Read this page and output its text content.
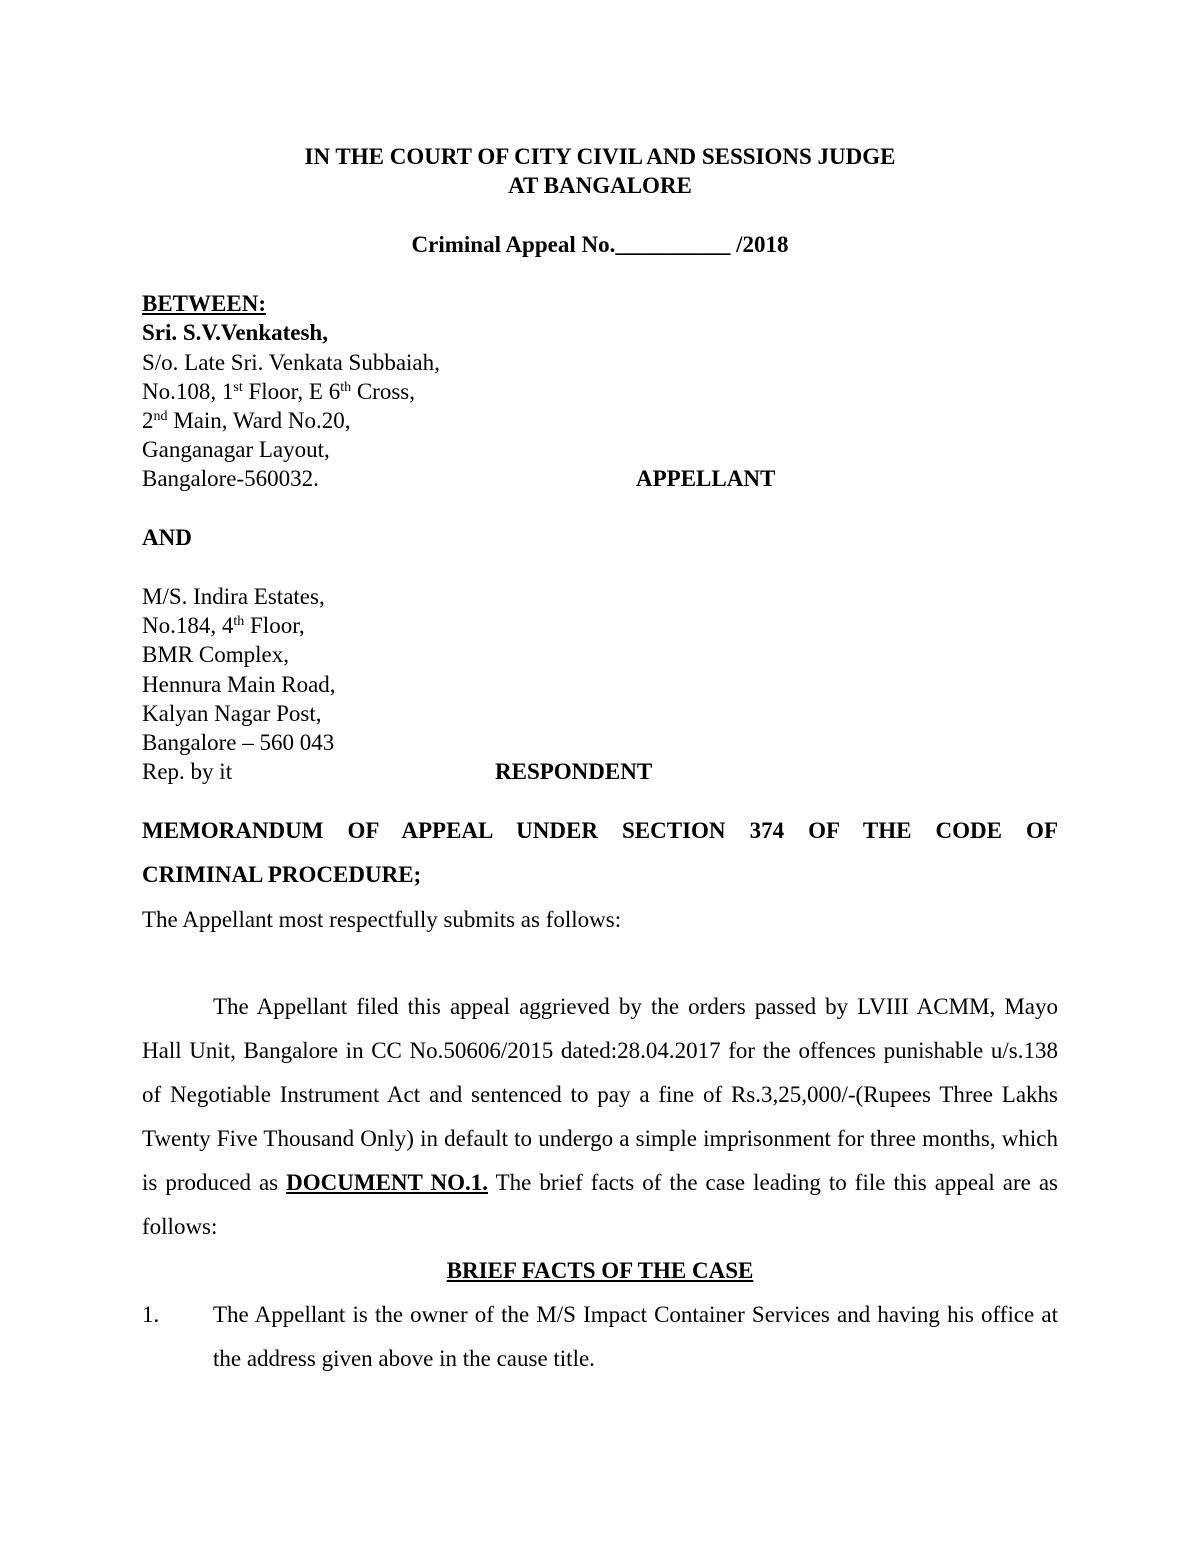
IN THE COURT OF CITY CIVIL AND SESSIONS JUDGE
AT BANGALORE
Criminal Appeal No.__________ /2018
BETWEEN:
Sri. S.V.Venkatesh,
S/o. Late Sri. Venkata Subbaiah,
No.108, 1st Floor, E 6th Cross,
2nd Main, Ward No.20,
Ganganagar Layout,
Bangalore-560032.	APPELLANT
AND
M/S. Indira Estates,
No.184, 4th Floor,
BMR Complex,
Hennura Main Road,
Kalyan Nagar Post,
Bangalore – 560 043
Rep. by it	RESPONDENT
MEMORANDUM OF APPEAL UNDER SECTION 374 OF THE CODE OF
CRIMINAL PROCEDURE;
The Appellant most respectfully submits as follows:
The Appellant filed this appeal aggrieved by the orders passed by LVIII ACMM, Mayo Hall Unit, Bangalore in CC No.50606/2015 dated:28.04.2017 for the offences punishable u/s.138 of Negotiable Instrument Act and sentenced to pay a fine of Rs.3,25,000/-(Rupees Three Lakhs Twenty Five Thousand Only) in default to undergo a simple imprisonment for three months, which is produced as DOCUMENT NO.1. The brief facts of the case leading to file this appeal are as follows:
BRIEF FACTS OF THE CASE
1. The Appellant is the owner of the M/S Impact Container Services and having his office at the address given above in the cause title.
